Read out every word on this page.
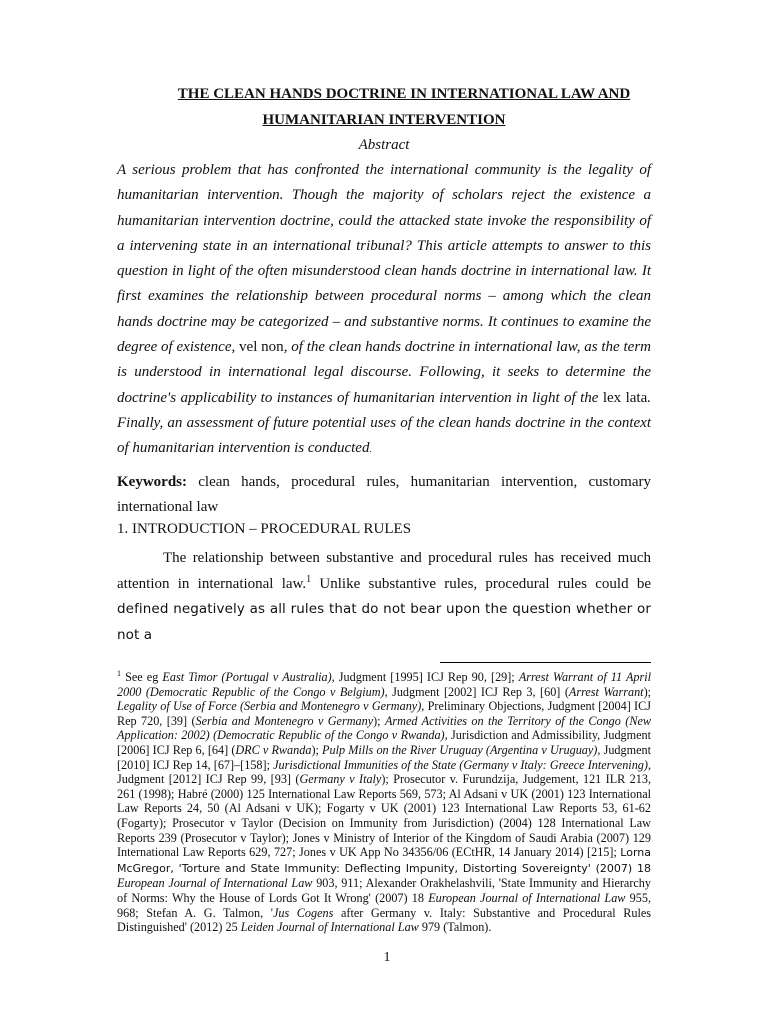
THE CLEAN HANDS DOCTRINE IN INTERNATIONAL LAW AND
HUMANITARIAN INTERVENTION
Abstract
A serious problem that has confronted the international community is the legality of humanitarian intervention. Though the majority of scholars reject the existence a humanitarian intervention doctrine, could the attacked state invoke the responsibility of a intervening state in an international tribunal? This article attempts to answer to this question in light of the often misunderstood clean hands doctrine in international law. It first examines the relationship between procedural norms – among which the clean hands doctrine may be categorized – and substantive norms. It continues to examine the degree of existence, vel non, of the clean hands doctrine in international law, as the term is understood in international legal discourse. Following, it seeks to determine the doctrine's applicability to instances of humanitarian intervention in light of the lex lata. Finally, an assessment of future potential uses of the clean hands doctrine in the context of humanitarian intervention is conducted.
Keywords: clean hands, procedural rules, humanitarian intervention, customary international law
1. INTRODUCTION – PROCEDURAL RULES

The relationship between substantive and procedural rules has received much attention in international law.$^1$ Unlike substantive rules, procedural rules could be defined negatively as all rules that do not bear upon the question whether or not a

$^1$ See eg East Timor (Portugal v Australia), Judgment [1995] ICJ Rep 90, [29]; Arrest Warrant of 11 April 2000 (Democratic Republic of the Congo v Belgium), Judgment [2002] ICJ Rep 3, [60] (Arrest Warrant); Legality of Use of Force (Serbia and Montenegro v Germany), Preliminary Objections, Judgment [2004] ICJ Rep 720, [39] (Serbia and Montenegro v Germany); Armed Activities on the Territory of the Congo (New Application: 2002) (Democratic Republic of the Congo v Rwanda), Jurisdiction and Admissibility, Judgment [2006] ICJ Rep 6, [64] (DRC v Rwanda); Pulp Mills on the River Uruguay (Argentina v Uruguay), Judgment [2010] ICJ Rep 14, [67]–[158]; Jurisdictional Immunities of the State (Germany v Italy: Greece Intervening), Judgment [2012] ICJ Rep 99, [93] (Germany v Italy); Prosecutor v. Furundzija, Judgement, 121 ILR 213, 261 (1998); Habré (2000) 125 International Law Reports 569, 573; Al Adsani v UK (2001) 123 International Law Reports 24, 50 (Al Adsani v UK); Fogarty v UK (2001) 123 International Law Reports 53, 61-62 (Fogarty); Prosecutor v Taylor (Decision on Immunity from Jurisdiction) (2004) 128 International Law Reports 239 (Prosecutor v Taylor); Jones v Ministry of Interior of the Kingdom of Saudi Arabia (2007) 129 International Law Reports 629, 727; Jones v UK App No 34356/06 (ECtHR, 14 January 2014) [215]; Lorna McGregor, 'Torture and State Immunity: Deflecting Impunity, Distorting Sovereignty' (2007) 18 European Journal of International Law 903, 911; Alexander Orakhelashvili, 'State Immunity and Hierarchy of Norms: Why the House of Lords Got It Wrong' (2007) 18 European Journal of International Law 955, 968; Stefan A. G. Talmon, 'Jus Cogens after Germany v. Italy: Substantive and Procedural Rules Distinguished' (2012) 25 Leiden Journal of International Law 979 (Talmon).
1
